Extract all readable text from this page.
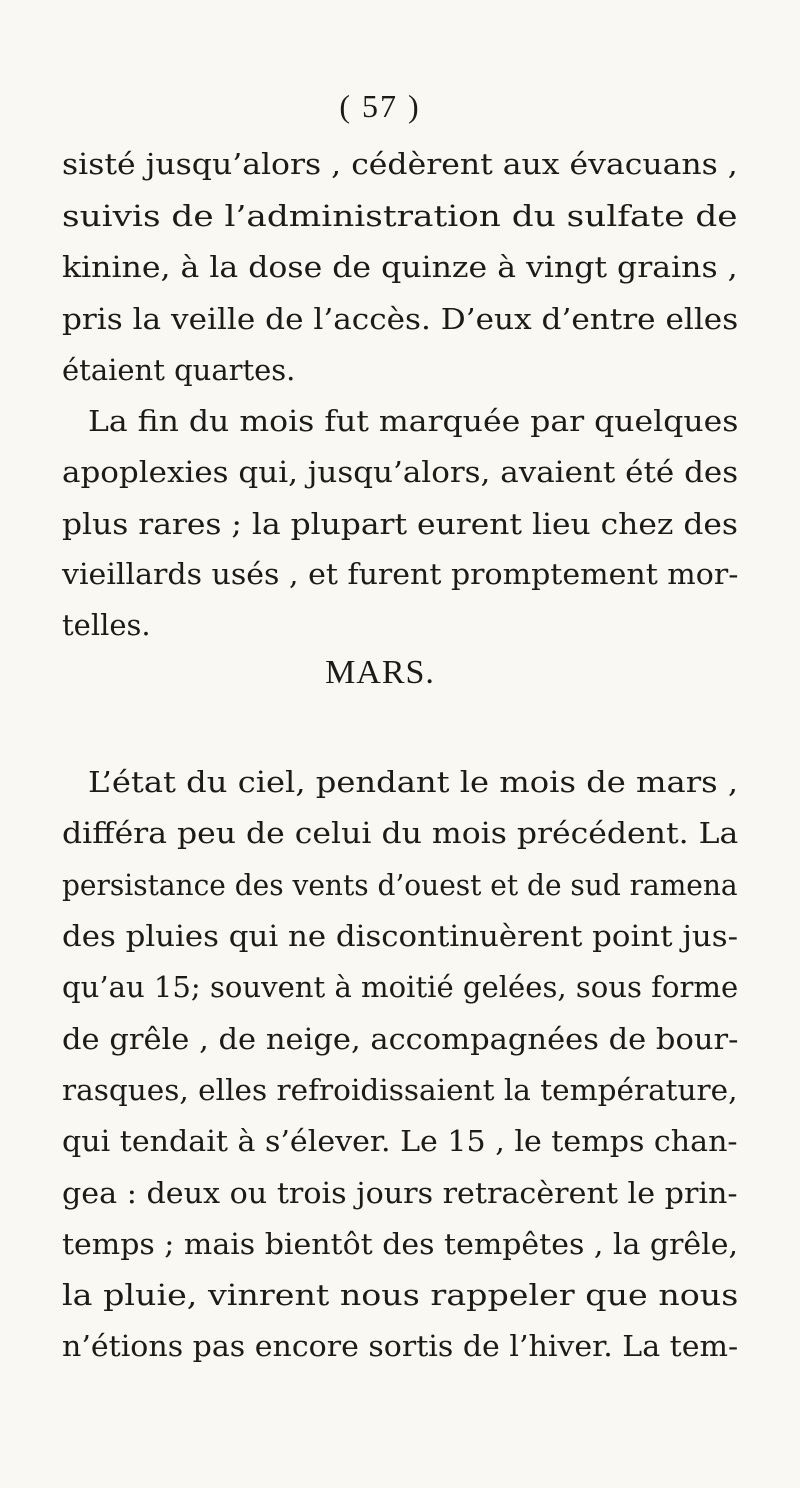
( 57 )
sisté jusqu’alors , cédèrent aux évacuans ,
suivis de l’administration du sulfate de
kinine, à la dose de quinze à vingt grains ,
pris la veille de l’accès. D’eux d’entre elles
étaient quartes.
La fin du mois fut marquée par quelques
apoplexies qui, jusqu’alors, avaient été des
plus rares ; la plupart eurent lieu chez des
vieillards usés , et furent promptement mor-
telles.
MARS.
L’état du ciel, pendant le mois de mars ,
différa peu de celui du mois précédent. La
persistance des vents d’ouest et de sud ramena
des pluies qui ne discontinuèrent point jus-
qu’au 15; souvent à moitié gelées, sous forme
de grêle , de neige, accompagnées de bour-
rasques, elles refroidissaient la température,
qui tendait à s’élever. Le 15 , le temps chan-
gea : deux ou trois jours retracèrent le prin-
temps ; mais bientôt des tempêtes , la grêle,
la pluie, vinrent nous rappeler que nous
n’étions pas encore sortis de l’hiver. La tem-
